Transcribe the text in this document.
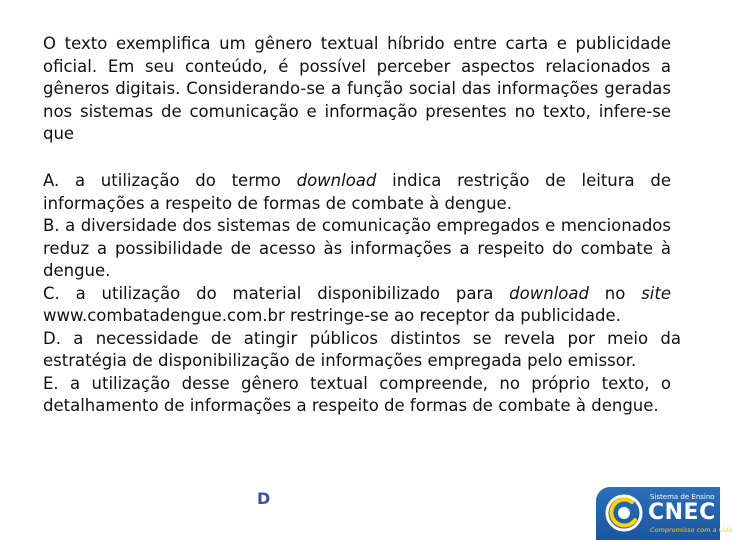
O texto exemplifica um gênero textual híbrido entre carta e publicidade oficial. Em seu conteúdo, é possível perceber aspectos relacionados a gêneros digitais. Considerando-se a função social das informações geradas nos sistemas de comunicação e informação presentes no texto, infere-se que

A. a utilização do termo download indica restrição de leitura de informações a respeito de formas de combate à dengue.
B. a diversidade dos sistemas de comunicação empregados e mencionados reduz a possibilidade de acesso às informações a respeito do combate à dengue.
C. a utilização do material disponibilizado para download no site www.combatadengue.com.br restringe-se ao receptor da publicidade.
D. a necessidade de atingir públicos distintos se revela por meio da estratégia de disponibilização de informações empregada pelo emissor.
E. a utilização desse gênero textual compreende, no próprio texto, o detalhamento de informações a respeito de formas de combate à dengue.
D	Sistema de Ensino
CNEC
Compromisso com a vida
